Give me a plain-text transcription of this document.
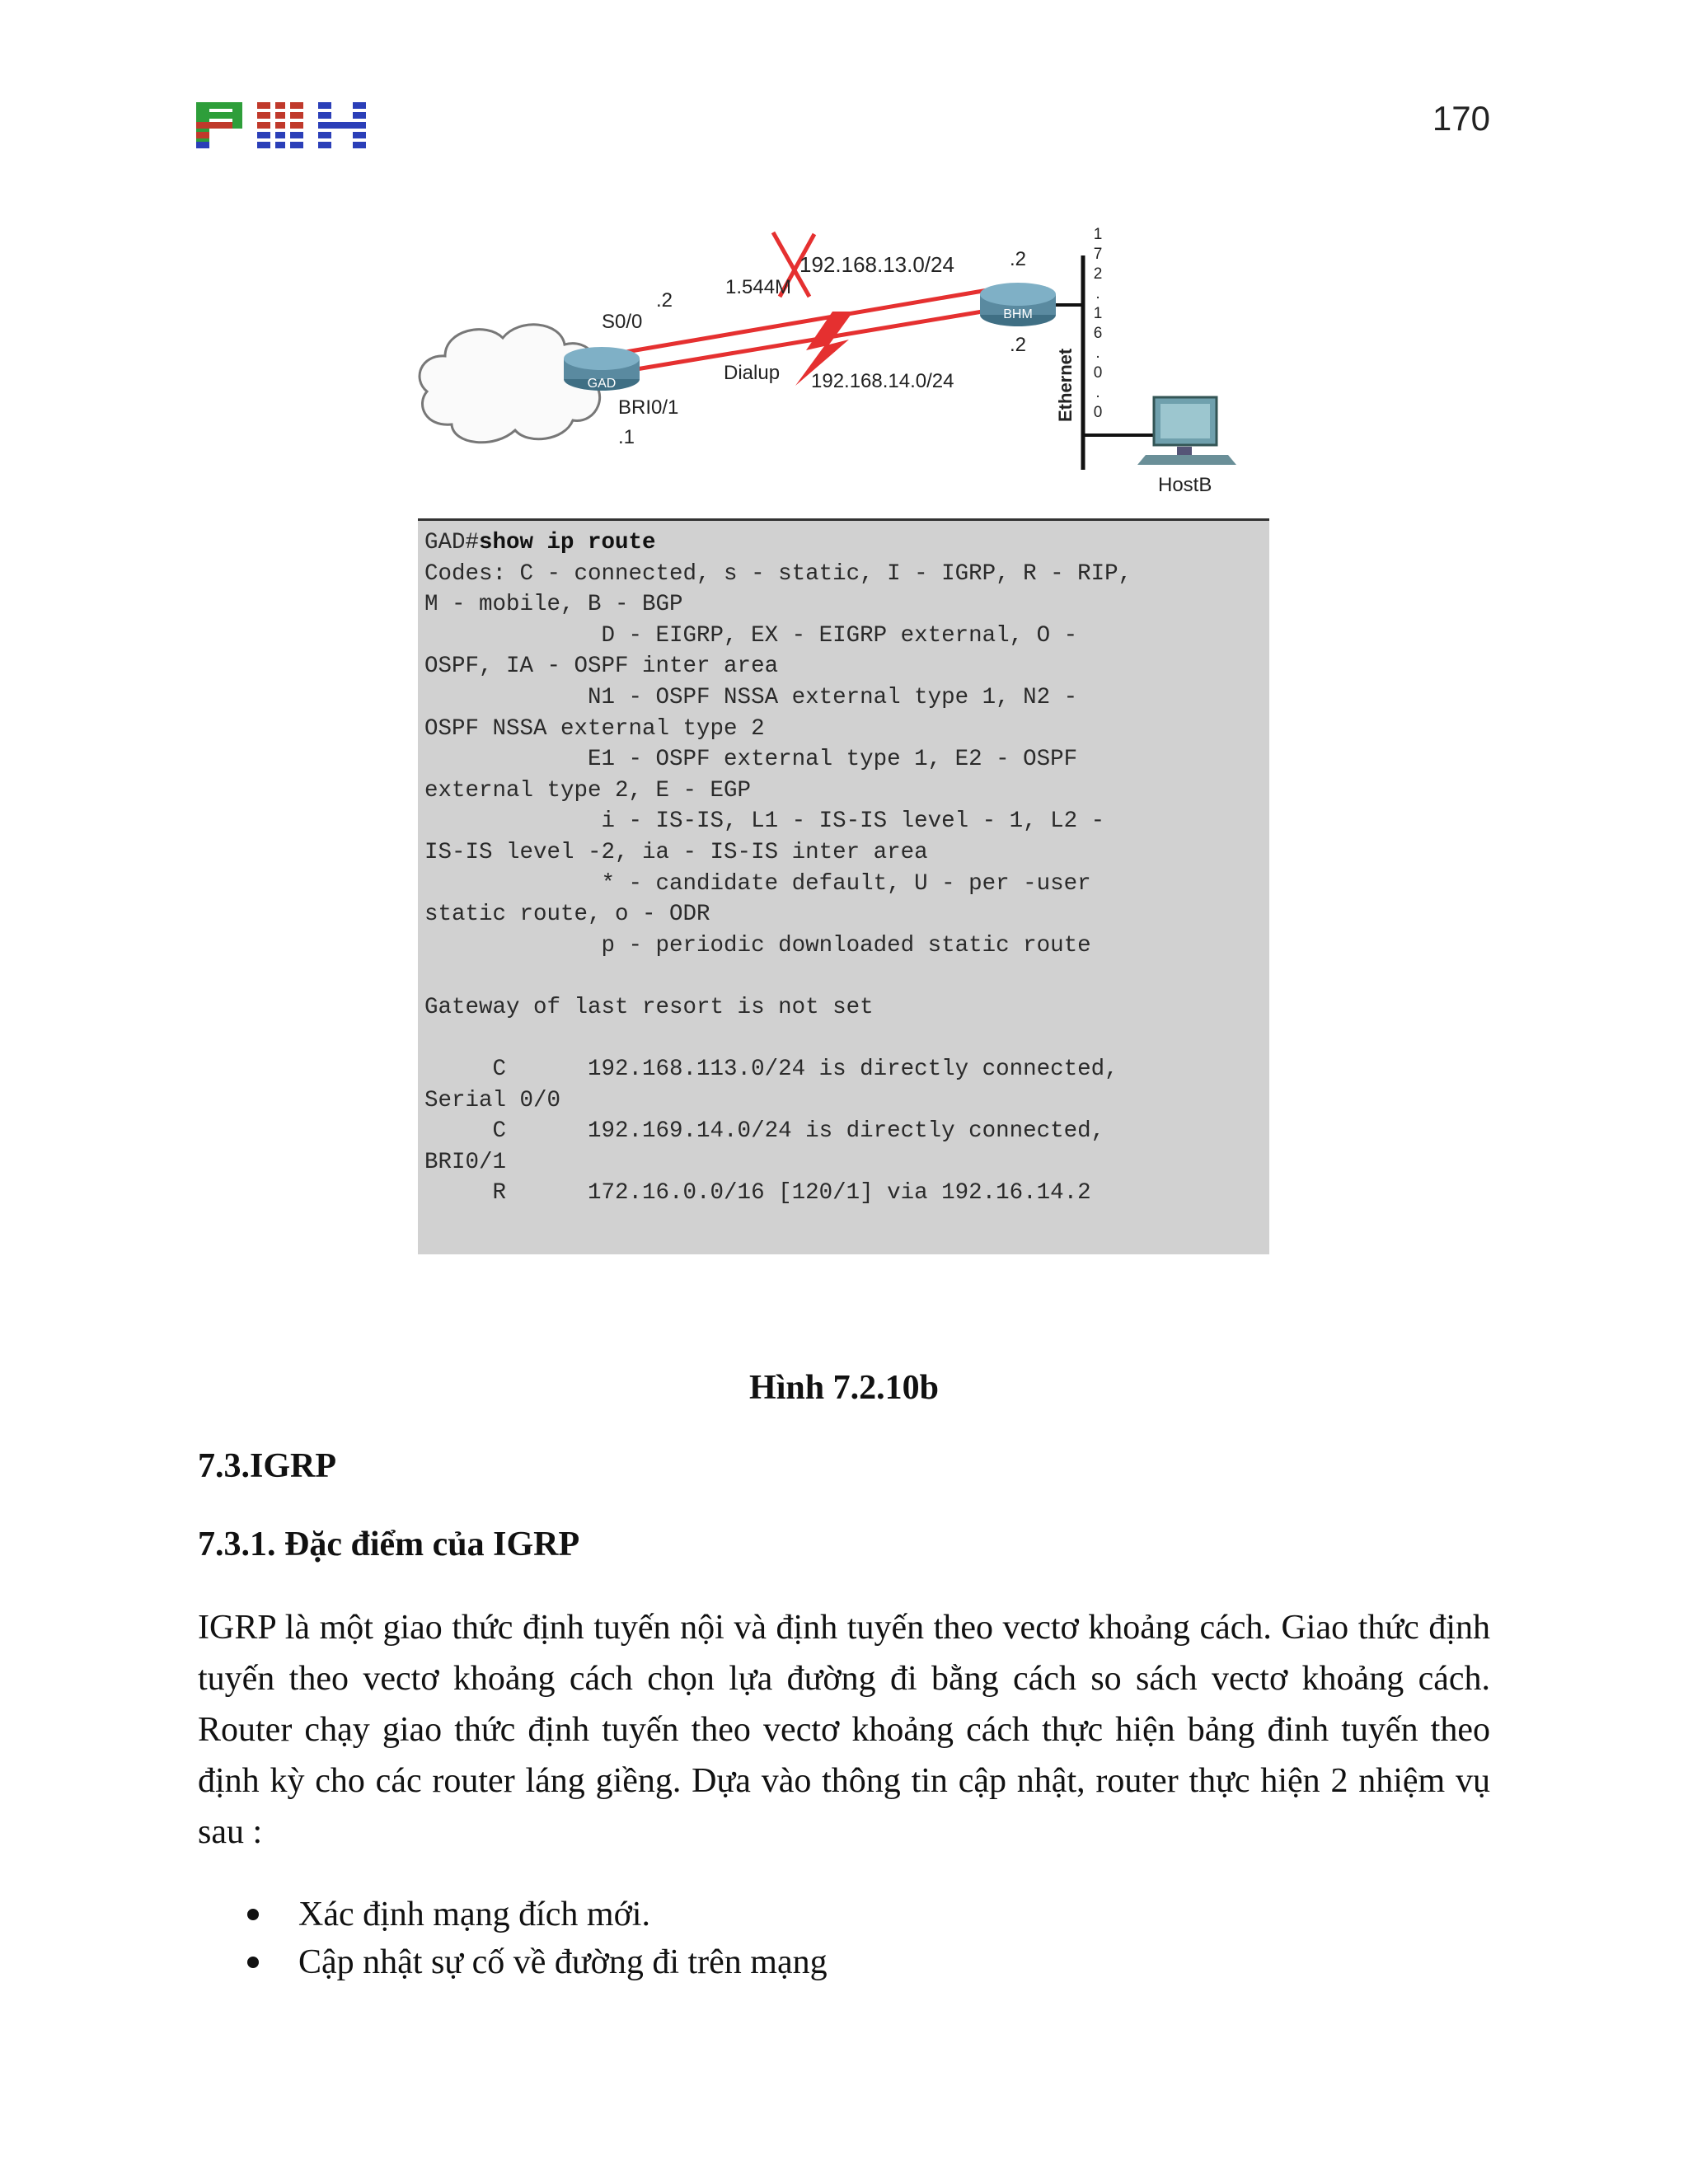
170
GAD
BHM
Ethernet
1
7
2
.
1
6
.
0
.
0
HostB
1.544M
192.168.13.0/24
192.168.14.0/24
S0/0
.2
BRI0/1
.1
Dialup
.2
.2
GAD#show ip route
Codes: C - connected, s - static, I - IGRP, R - RIP,
M - mobile, B - BGP
D - EIGRP, EX - EIGRP external, O -
OSPF, IA - OSPF inter area
N1 - OSPF NSSA external type 1, N2 -
OSPF NSSA external type 2
E1 - OSPF external type 1, E2 - OSPF
external type 2, E - EGP
i - IS-IS, L1 - IS-IS level - 1, L2 -
IS-IS level -2, ia - IS-IS inter area
* - candidate default, U - per -user
static route, o - ODR
p - periodic downloaded static route

Gateway of last resort is not set

C      192.168.113.0/24 is directly connected,
Serial 0/0
C      192.169.14.0/24 is directly connected,
BRI0/1
R      172.16.0.0/16 [120/1] via 192.16.14.2
Hình 7.2.10b
7.3.IGRP
7.3.1. Đặc điểm của IGRP

IGRP là một giao thức định tuyến nội và định tuyến theo vectơ khoảng cách. Giao thức định tuyến theo vectơ khoảng cách chọn lựa đường đi bằng cách so sách vectơ khoảng cách. Router chạy giao thức định tuyến theo vectơ khoảng cách thực hiện bảng đinh tuyến theo định kỳ cho các router láng giềng. Dựa vào thông tin cập nhật, router thực hiện 2 nhiệm vụ sau :

Xác định mạng đích mới.
Cập nhật sự cố về đường đi trên mạng
